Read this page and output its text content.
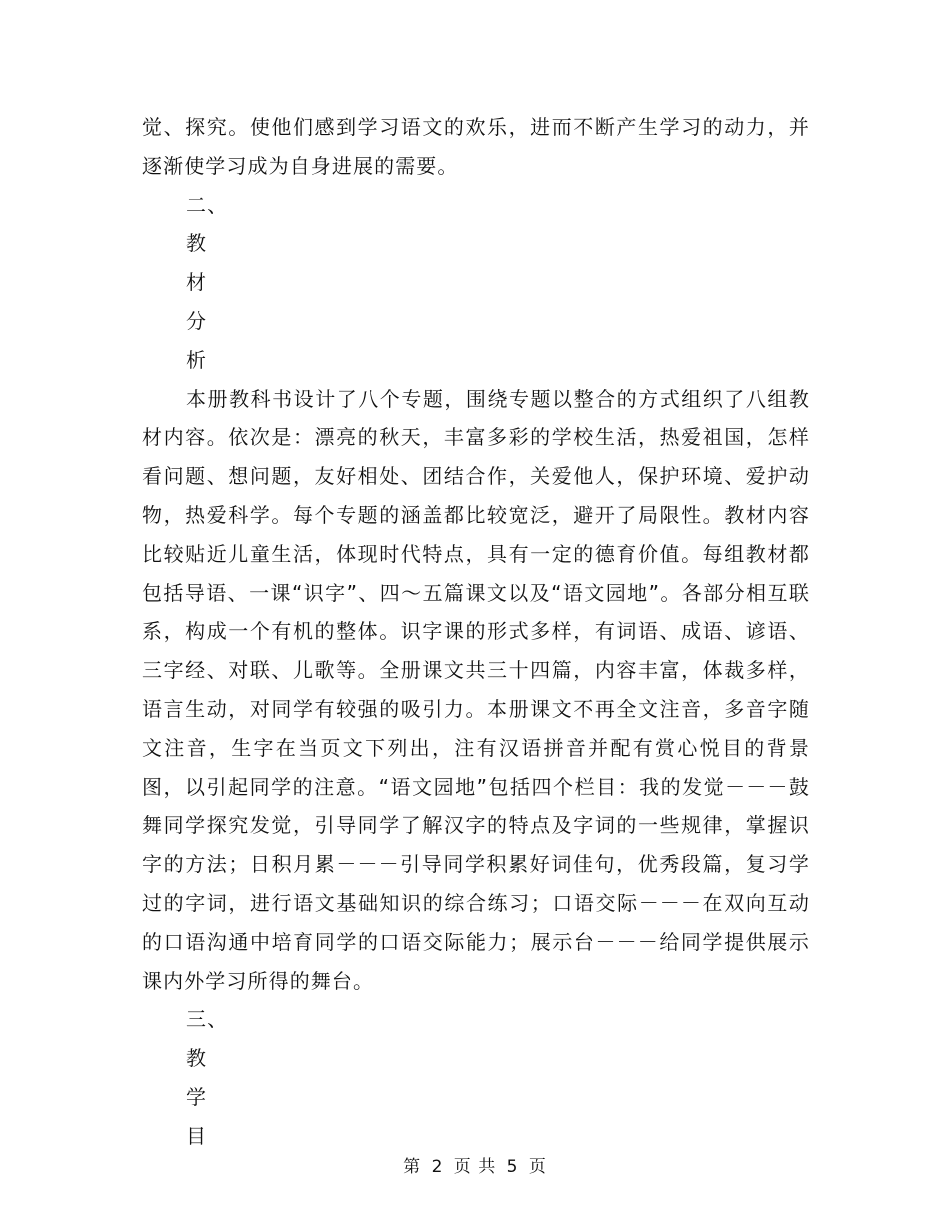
觉、探究。使他们感到学习语文的欢乐，进而不断产生学习的动力，并逐渐使学习成为自身进展的需要。

二、

教

材

分

析

本册教科书设计了八个专题，围绕专题以整合的方式组织了八组教材内容。依次是：漂亮的秋天，丰富多彩的学校生活，热爱祖国，怎样看问题、想问题，友好相处、团结合作，关爱他人，保护环境、爱护动物，热爱科学。每个专题的涵盖都比较宽泛，避开了局限性。教材内容比较贴近儿童生活，体现时代特点，具有一定的德育价值。每组教材都包括导语、一课“识字”、四～五篇课文以及“语文园地”。各部分相互联系，构成一个有机的整体。识字课的形式多样，有词语、成语、谚语、三字经、对联、儿歌等。全册课文共三十四篇，内容丰富，体裁多样，语言生动，对同学有较强的吸引力。本册课文不再全文注音，多音字随文注音，生字在当页文下列出，注有汉语拼音并配有赏心悦目的背景图，以引起同学的注意。“语文园地”包括四个栏目：我的发觉－－－鼓舞同学探究发觉，引导同学了解汉字的特点及字词的一些规律，掌握识字的方法；日积月累－－－引导同学积累好词佳句，优秀段篇，复习学过的字词，进行语文基础知识的综合练习；口语交际－－－在双向互动的口语沟通中培育同学的口语交际能力；展示台－－－给同学提供展示课内外学习所得的舞台。

三、

教

学

目

第 2 页 共 5 页
